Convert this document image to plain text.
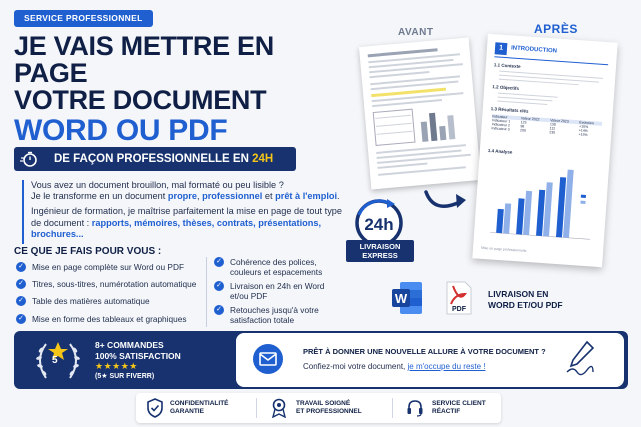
SERVICE PROFESSIONNEL
JE VAIS METTRE EN PAGE
VOTRE DOCUMENT
WORD OU PDF
DE FAÇON PROFESSIONNELLE EN 24H

Vous avez un document brouillon, mal formaté ou peu lisible ?
Je le transforme en un document propre, professionnel et prêt à l'emploi.

Ingénieur de formation, je maîtrise parfaitement la mise en page de tout type de document : rapports, mémoires, thèses, contrats, présentations, brochures...

CE QUE JE FAIS POUR VOUS :
✓ Mise en page complète sur Word ou PDF
✓ Titres, sous-titres, numérotation automatique
✓ Table des matières automatique
✓ Mise en forme des tableaux et graphiques
✓ Cohérence des polices, couleurs et espacements
✓ Livraison en 24h en Word et/ou PDF
✓ Retouches jusqu'à votre satisfaction totale
AVANT	APRÈS
1	INTRODUCTION
1.1 Contexte
1.2 Objectifs
1.3 Résultats clés
Indicateur	Valeur 2022	Valeur 2023	Évolution
Indicateur 1	125	138	+10%
Indicateur 2	98	112	+14%
Indicateur 3	200	230	+15%
1.4 Analyse
Mise en page professionnelle
24h
LIVRAISON
EXPRESS
W
PDF
LIVRAISON EN
WORD ET/OU PDF
5
8+ COMMANDES
100% SATISFACTION
★★★★★
(5★ SUR FIVERR)
PRÊT À DONNER UNE NOUVELLE ALLURE À VOTRE DOCUMENT ?
Confiez-moi votre document, je m'occupe du reste !
CONFIDENTIALITÉ
GARANTIE
TRAVAIL SOIGNÉ
ET PROFESSIONNEL
SERVICE CLIENT
RÉACTIF
